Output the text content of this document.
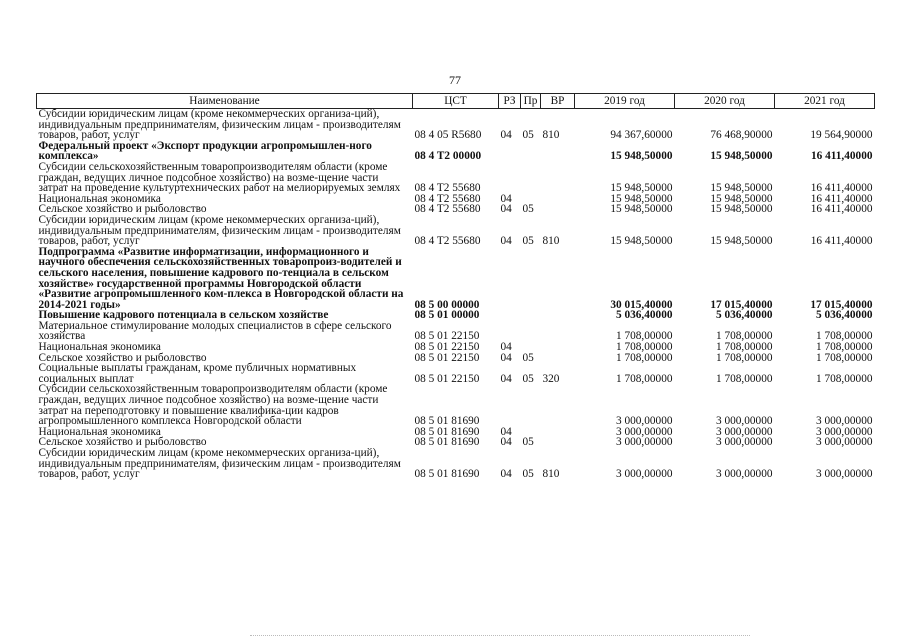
77
Наименование	ЦСТ	РЗ	Пр	ВР	2019 год	2020 год	2021 год
Субсидии юридическим лицам (кроме некоммерческих организа-ций), индивидуальным предпринимателям, физическим лицам - производителям товаров, работ, услуг	08 4 05 R5680	04	05	810	94 367,60000	76 468,90000	19 564,90000
Федеральный проект «Экспорт продукции агропромышлен-ного комплекса»	08 4 T2 00000				15 948,50000	15 948,50000	16 411,40000
Субсидии сельскохозяйственным товаропроизводителям области (кроме граждан, ведущих личное подсобное хозяйство) на возме-щение части затрат на проведение культуртехнических работ на мелиорируемых землях	08 4 T2 55680				15 948,50000	15 948,50000	16 411,40000
Национальная экономика	08 4 T2 55680	04			15 948,50000	15 948,50000	16 411,40000
Сельское хозяйство и рыболовство	08 4 T2 55680	04	05		15 948,50000	15 948,50000	16 411,40000
Субсидии юридическим лицам (кроме некоммерческих организа-ций), индивидуальным предпринимателям, физическим лицам - производителям товаров, работ, услуг	08 4 T2 55680	04	05	810	15 948,50000	15 948,50000	16 411,40000
Подпрограмма «Развитие информатизации, информационного и научного обеспечения сельскохозяйственных товаропроиз-водителей и сельского населения, повышение кадрового по-тенциала в сельском хозяйстве» государственной программы Новгородской области «Развитие агропромышленного ком-плекса в Новгородской области на 2014-2021 годы»	08 5 00 00000				30 015,40000	17 015,40000	17 015,40000
Повышение кадрового потенциала в сельском хозяйстве	08 5 01 00000				5 036,40000	5 036,40000	5 036,40000
Материальное стимулирование молодых специалистов в сфере сельского хозяйства	08 5 01 22150				1 708,00000	1 708,00000	1 708,00000
Национальная экономика	08 5 01 22150	04			1 708,00000	1 708,00000	1 708,00000
Сельское хозяйство и рыболовство	08 5 01 22150	04	05		1 708,00000	1 708,00000	1 708,00000
Социальные выплаты гражданам, кроме публичных нормативных социальных выплат	08 5 01 22150	04	05	320	1 708,00000	1 708,00000	1 708,00000
Субсидии сельскохозяйственным товаропроизводителям области (кроме граждан, ведущих личное подсобное хозяйство) на возме-щение части затрат на переподготовку и повышение квалифика-ции кадров агропромышленного комплекса Новгородской области	08 5 01 81690				3 000,00000	3 000,00000	3 000,00000
Национальная экономика	08 5 01 81690	04			3 000,00000	3 000,00000	3 000,00000
Сельское хозяйство и рыболовство	08 5 01 81690	04	05		3 000,00000	3 000,00000	3 000,00000
Субсидии юридическим лицам (кроме некоммерческих организа-ций), индивидуальным предпринимателям, физическим лицам - производителям товаров, работ, услуг	08 5 01 81690	04	05	810	3 000,00000	3 000,00000	3 000,00000
